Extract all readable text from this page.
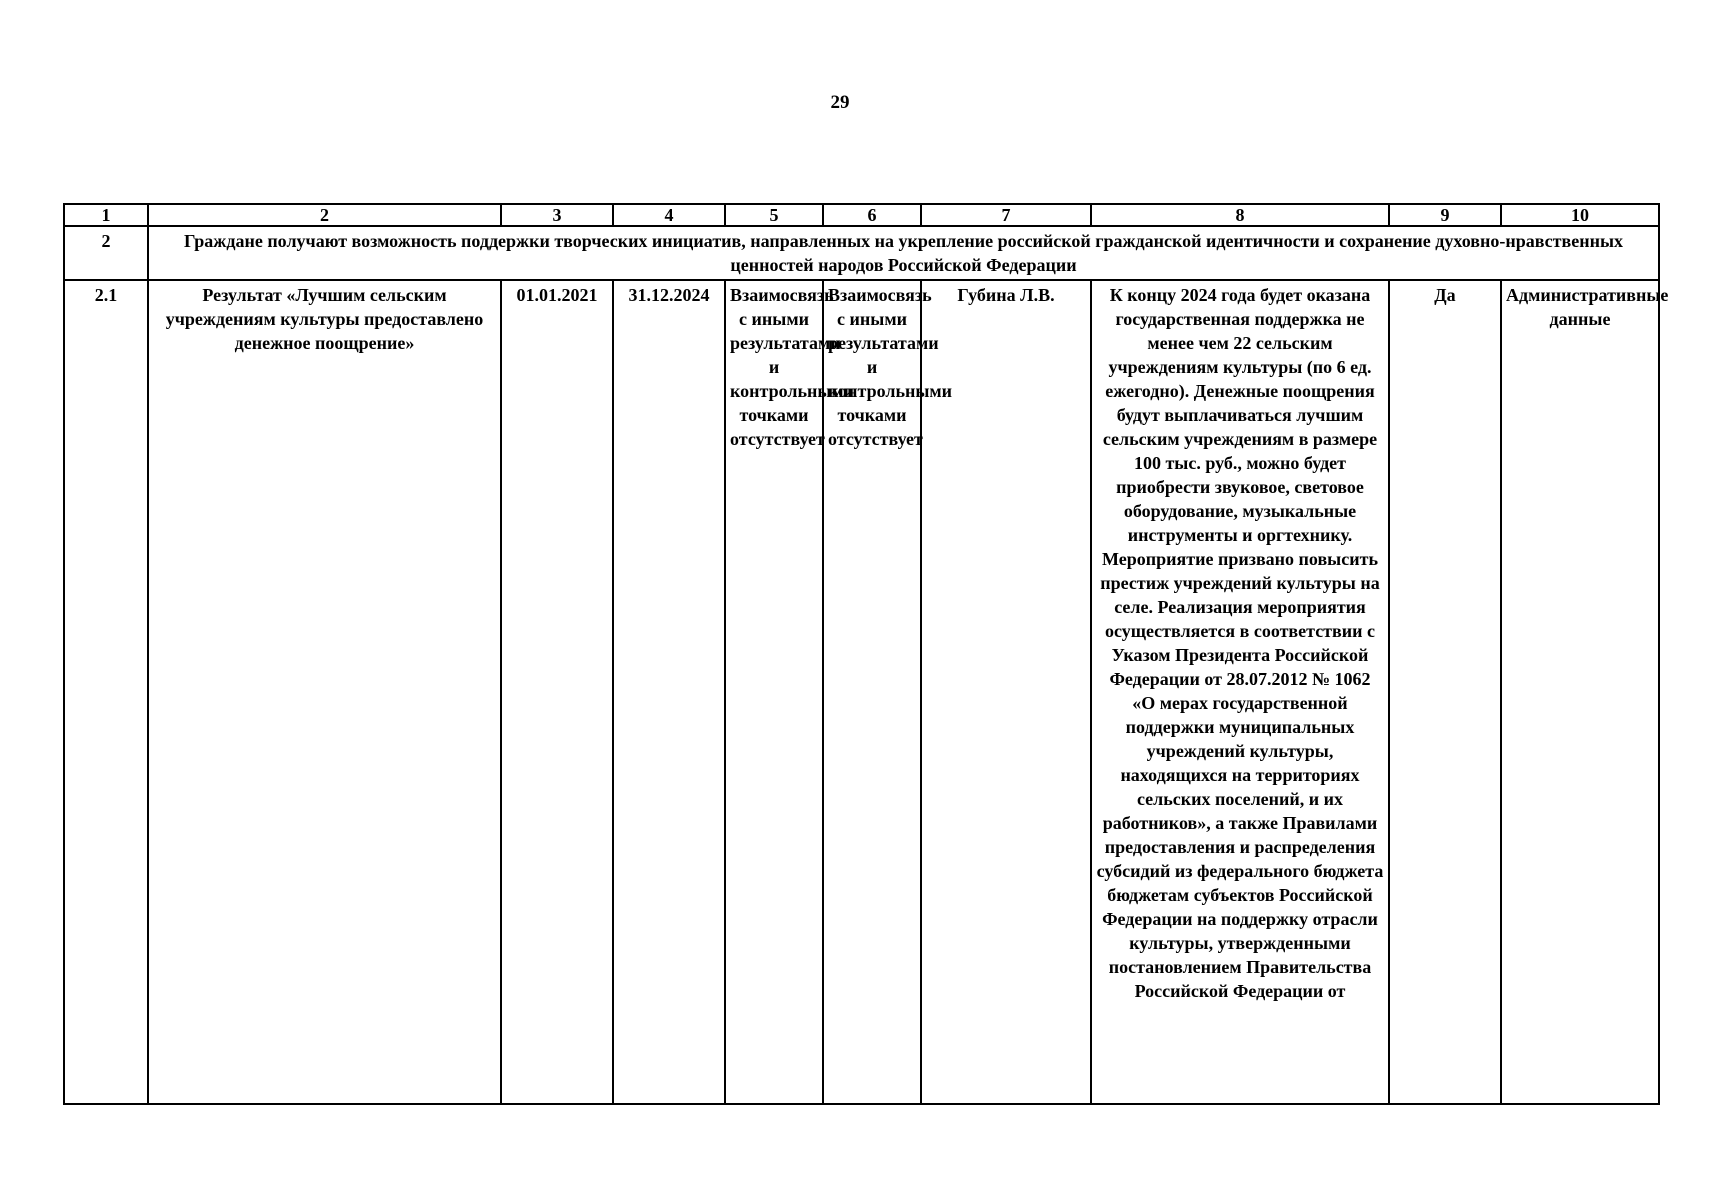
29
1	2	3	4	5	6	7	8	9	10
2	Граждане получают возможность поддержки творческих инициатив, направленных на укрепление российской гражданской идентичности и сохранение духовно-нравственных ценностей народов Российской Федерации								
2.1	Результат «Лучшим сельским учреждениям культуры предоставлено денежное поощрение»	01.01.2021	31.12.2024	Взаимосвязь с иными результатами и контрольными точками отсутствует	Взаимосвязь с иными результатами и контрольными точками отсутствует	Губина Л.В.	К концу 2024 года будет оказана государственная поддержка не менее чем 22 сельским учреждениям культуры (по 6 ед. ежегодно). Денежные поощрения будут выплачиваться лучшим сельским учреждениям в размере 100 тыс. руб., можно будет приобрести звуковое, световое оборудование, музыкальные инструменты и оргтехнику. Мероприятие призвано повысить престиж учреждений культуры на селе. Реализация мероприятия осуществляется в соответствии с Указом Президента Российской Федерации от 28.07.2012 № 1062 «О мерах государственной поддержки муниципальных учреждений культуры, находящихся на территориях сельских поселений, и их работников», а также Правилами предоставления и распределения субсидий из федерального бюджета бюджетам субъектов Российской Федерации на поддержку отрасли культуры, утвержденными постановлением Правительства Российской Федерации от	Да	Административные данные
